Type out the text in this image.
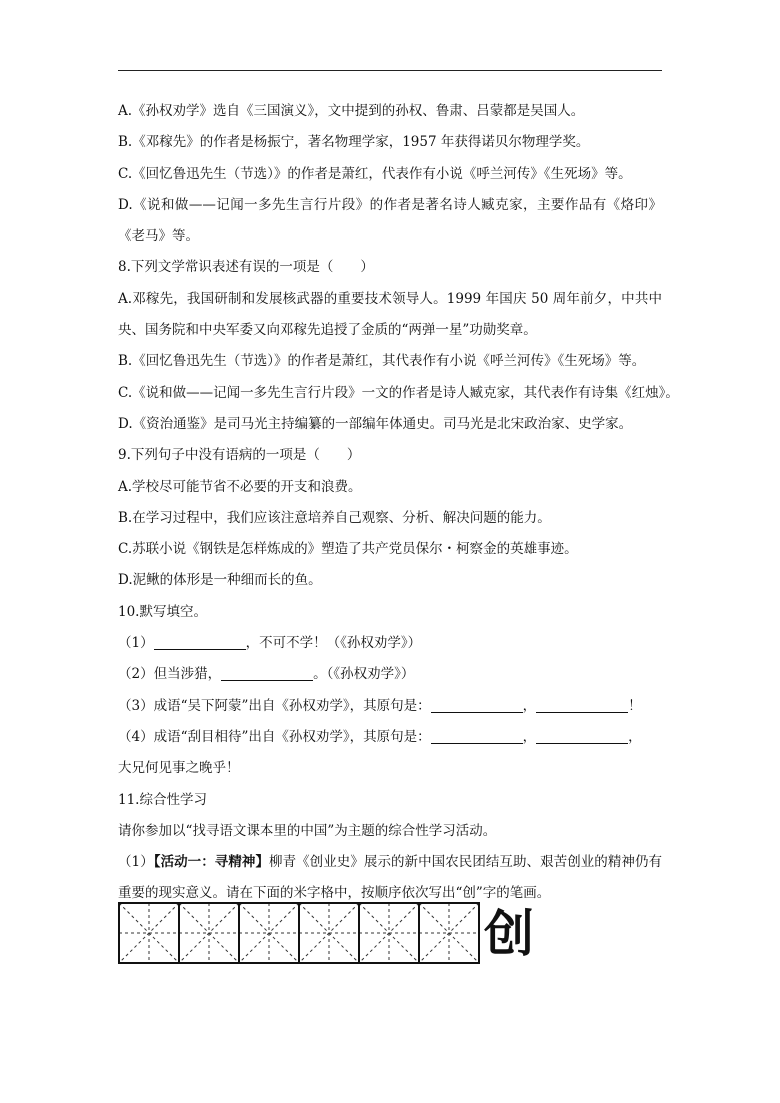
A.《孙权劝学》选自《三国演义》，文中提到的孙权、鲁肃、吕蒙都是吴国人。

B.《邓稼先》的作者是杨振宁，著名物理学家，1957 年获得诺贝尔物理学奖。

C.《回忆鲁迅先生（节选）》的作者是萧红，代表作有小说《呼兰河传》《生死场》等。

D.《说和做——记闻一多先生言行片段》的作者是著名诗人臧克家，主要作品有《烙印》《老马》等。

8.下列文学常识表述有误的一项是（　　）

A.邓稼先，我国研制和发展核武器的重要技术领导人。1999 年国庆 50 周年前夕，中共中央、国务院和中央军委又向邓稼先追授了金质的“两弹一星”功勋奖章。

B.《回忆鲁迅先生（节选）》的作者是萧红，其代表作有小说《呼兰河传》《生死场》等。

C.《说和做——记闻一多先生言行片段》一文的作者是诗人臧克家，其代表作有诗集《红烛》。

D.《资治通鉴》是司马光主持编纂的一部编年体通史。司马光是北宋政治家、史学家。

9.下列句子中没有语病的一项是（　　）

A.学校尽可能节省不必要的开支和浪费。

B.在学习过程中，我们应该注意培养自己观察、分析、解决问题的能力。

C.苏联小说《钢铁是怎样炼成的》塑造了共产党员保尔・柯察金的英雄事迹。

D.泥鳅的体形是一种细而长的鱼。

10.默写填空。

（1）	，不可不学！（《孙权劝学》）

（2）但当涉猎，	。（《孙权劝学》）

（3）成语“吴下阿蒙”出自《孙权劝学》，其原句是：	，	！

（4）成语“刮目相待”出自《孙权劝学》，其原句是：	，	，

大兄何见事之晚乎！

11.综合性学习

请你参加以“找寻语文课本里的中国”为主题的综合性学习活动。

（1）【活动一：寻精神】柳青《创业史》展示的新中国农民团结互助、艰苦创业的精神仍有重要的现实意义。请在下面的米字格中，按顺序依次写出“创”字的笔画。

创
